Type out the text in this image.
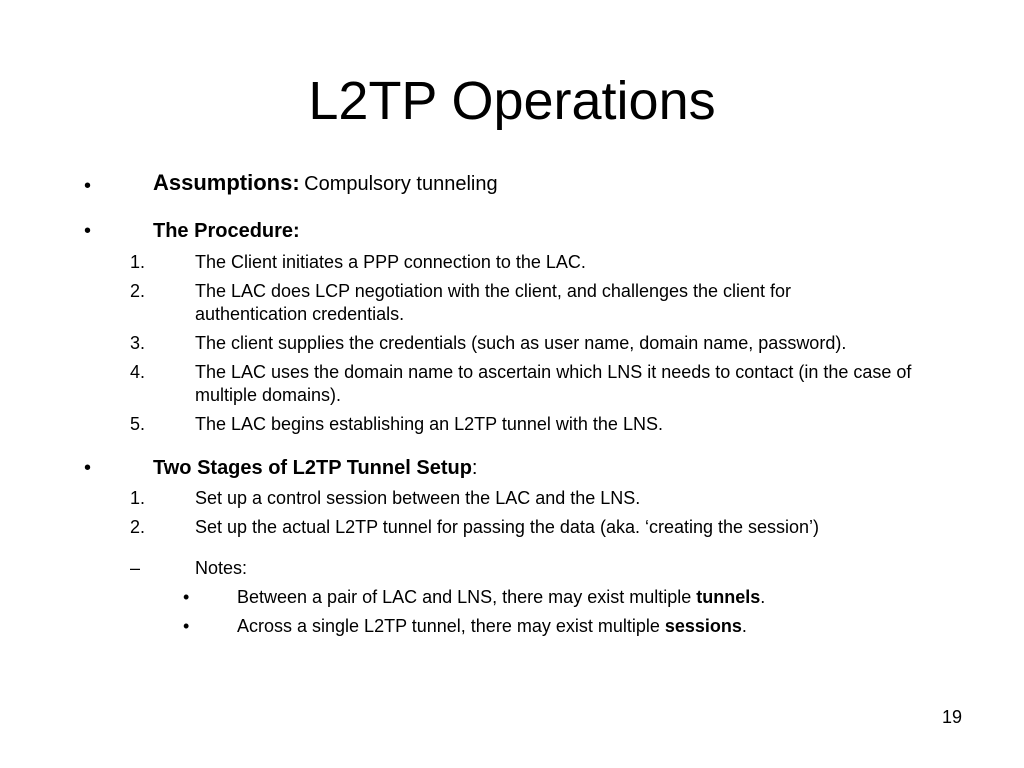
L2TP Operations
•	Assumptions: Compulsory tunneling
•	The Procedure:
1.	The Client initiates a PPP connection to the LAC.
2.	The LAC does LCP negotiation with the client, and challenges the client for authentication credentials.
3.	The client supplies the credentials (such as user name, domain name, password).
4.	The LAC uses the domain name to ascertain which LNS it needs to contact (in the case of multiple domains).
5.	The LAC begins establishing an L2TP tunnel with the LNS.
•	Two Stages of L2TP Tunnel Setup:
1.	Set up a control session between the LAC and the LNS.
2.	Set up the actual L2TP tunnel for passing the data (aka. ‘creating the session’)
–	Notes:
•	Between a pair of LAC and LNS, there may exist multiple tunnels.
•	Across a single L2TP tunnel, there may exist multiple sessions.
19
